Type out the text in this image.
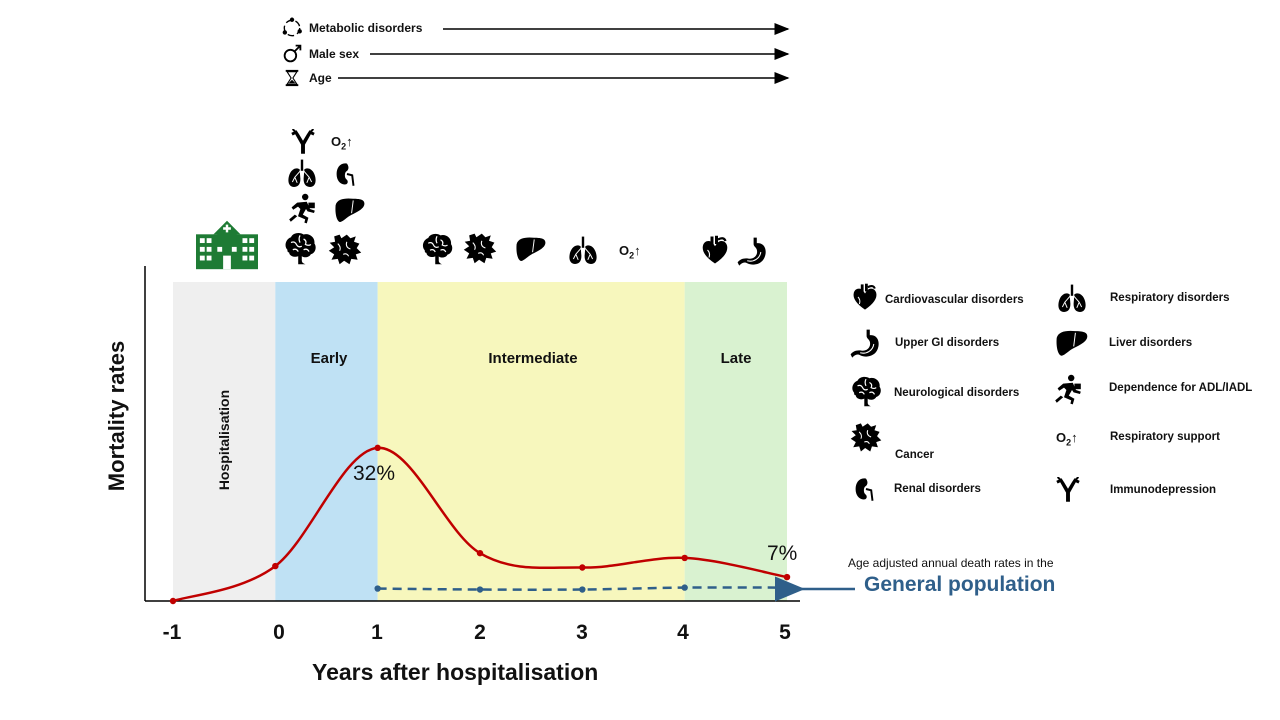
Metabolic disorders
Male sex
Age
$O_2↑$
$O_2↑$
Hospitalisation
Early	Intermediate	Late
32%
7%
Mortality rates
Years after hospitalisation
-1	0	1	2	3	4	5
Age adjusted annual death rates in the
General population
Cardiovascular disorders	Respiratory disorders
Upper GI disorders	Liver disorders
Neurological disorders	Dependence for ADL/IADL
Cancer
$O_2↑$	Respiratory support
Renal disorders	Immunodepression
